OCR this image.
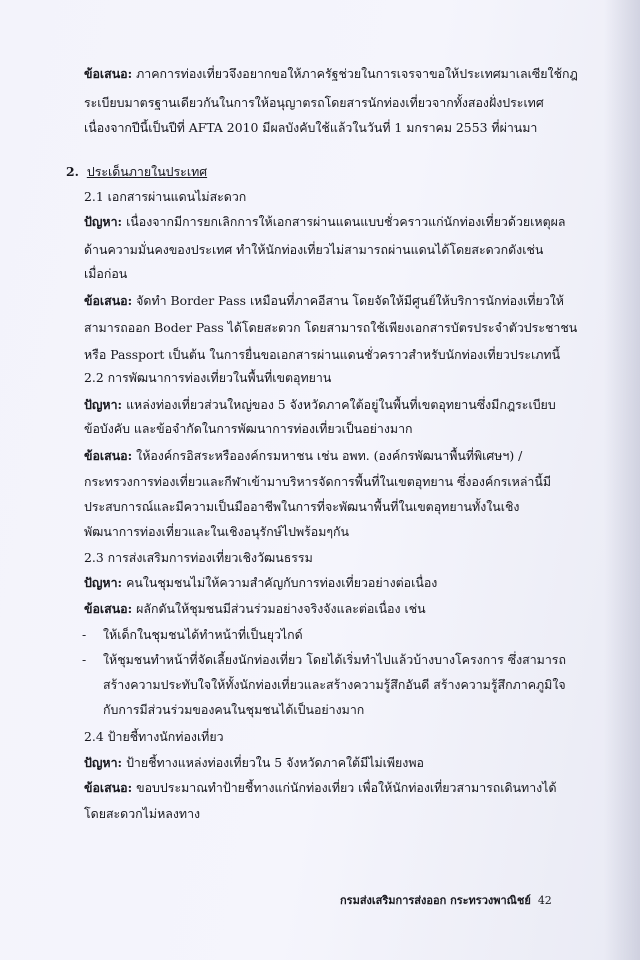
ข้อเสนอ: ภาคการท่องเที่ยวจึงอยากขอให้ภาครัฐช่วยในการเจรจาขอให้ประเทศมาเลเซียใช้กฎ
ระเบียบมาตรฐานเดียวกันในการให้อนุญาตรถโดยสารนักท่องเที่ยวจากทั้งสองฝั่งประเทศ
เนื่องจากปีนี้เป็นปีที่ AFTA 2010 มีผลบังคับใช้แล้วในวันที่ 1 มกราคม 2553 ที่ผ่านมา
2. ประเด็นภายในประเทศ
2.1 เอกสารผ่านแดนไม่สะดวก
ปัญหา: เนื่องจากมีการยกเลิกการให้เอกสารผ่านแดนแบบชั่วคราวแก่นักท่องเที่ยวด้วยเหตุผล
ด้านความมั่นคงของประเทศ ทำให้นักท่องเที่ยวไม่สามารถผ่านแดนได้โดยสะดวกดังเช่น
เมื่อก่อน
ข้อเสนอ: จัดทำ Border Pass เหมือนที่ภาคอีสาน โดยจัดให้มีศูนย์ให้บริการนักท่องเที่ยวให้
สามารถออก Boder Pass ได้โดยสะดวก โดยสามารถใช้เพียงเอกสารบัตรประจำตัวประชาชน
หรือ Passport เป็นต้น ในการยื่นขอเอกสารผ่านแดนชั่วคราวสำหรับนักท่องเที่ยวประเภทนี้
2.2 การพัฒนาการท่องเที่ยวในพื้นที่เขตอุทยาน
ปัญหา: แหล่งท่องเที่ยวส่วนใหญ่ของ 5 จังหวัดภาคใต้อยู่ในพื้นที่เขตอุทยานซึ่งมีกฎระเบียบ
ข้อบังคับ และข้อจำกัดในการพัฒนาการท่องเที่ยวเป็นอย่างมาก
ข้อเสนอ: ให้องค์กรอิสระหรือองค์กรมหาชน เช่น อพท. (องค์กรพัฒนาพื้นที่พิเศษฯ) /
กระทรวงการท่องเที่ยวและกีฬาเข้ามาบริหารจัดการพื้นที่ในเขตอุทยาน ซึ่งองค์กรเหล่านี้มี
ประสบการณ์และมีความเป็นมืออาชีพในการที่จะพัฒนาพื้นที่ในเขตอุทยานทั้งในเชิง
พัฒนาการท่องเที่ยวและในเชิงอนุรักษ์ไปพร้อมๆกัน
2.3 การส่งเสริมการท่องเที่ยวเชิงวัฒนธรรม
ปัญหา: คนในชุมชนไม่ให้ความสำคัญกับการท่องเที่ยวอย่างต่อเนื่อง
ข้อเสนอ: ผลักดันให้ชุมชนมีส่วนร่วมอย่างจริงจังและต่อเนื่อง เช่น
- ให้เด็กในชุมชนได้ทำหน้าที่เป็นยุวไกด์
- ให้ชุมชนทำหน้าที่จัดเลี้ยงนักท่องเที่ยว โดยได้เริ่มทำไปแล้วบ้างบางโครงการ ซึ่งสามารถ
สร้างความประทับใจให้ทั้งนักท่องเที่ยวและสร้างความรู้สึกอันดี สร้างความรู้สึกภาคภูมิใจ
กับการมีส่วนร่วมของคนในชุมชนได้เป็นอย่างมาก
2.4 ป้ายชี้ทางนักท่องเที่ยว
ปัญหา: ป้ายชี้ทางแหล่งท่องเที่ยวใน 5 จังหวัดภาคใต้มีไม่เพียงพอ
ข้อเสนอ: ขอบประมาณทำป้ายชี้ทางแก่นักท่องเที่ยว เพื่อให้นักท่องเที่ยวสามารถเดินทางได้
โดยสะดวกไม่หลงทาง
กรมส่งเสริมการส่งออก กระทรวงพาณิชย์ 42
